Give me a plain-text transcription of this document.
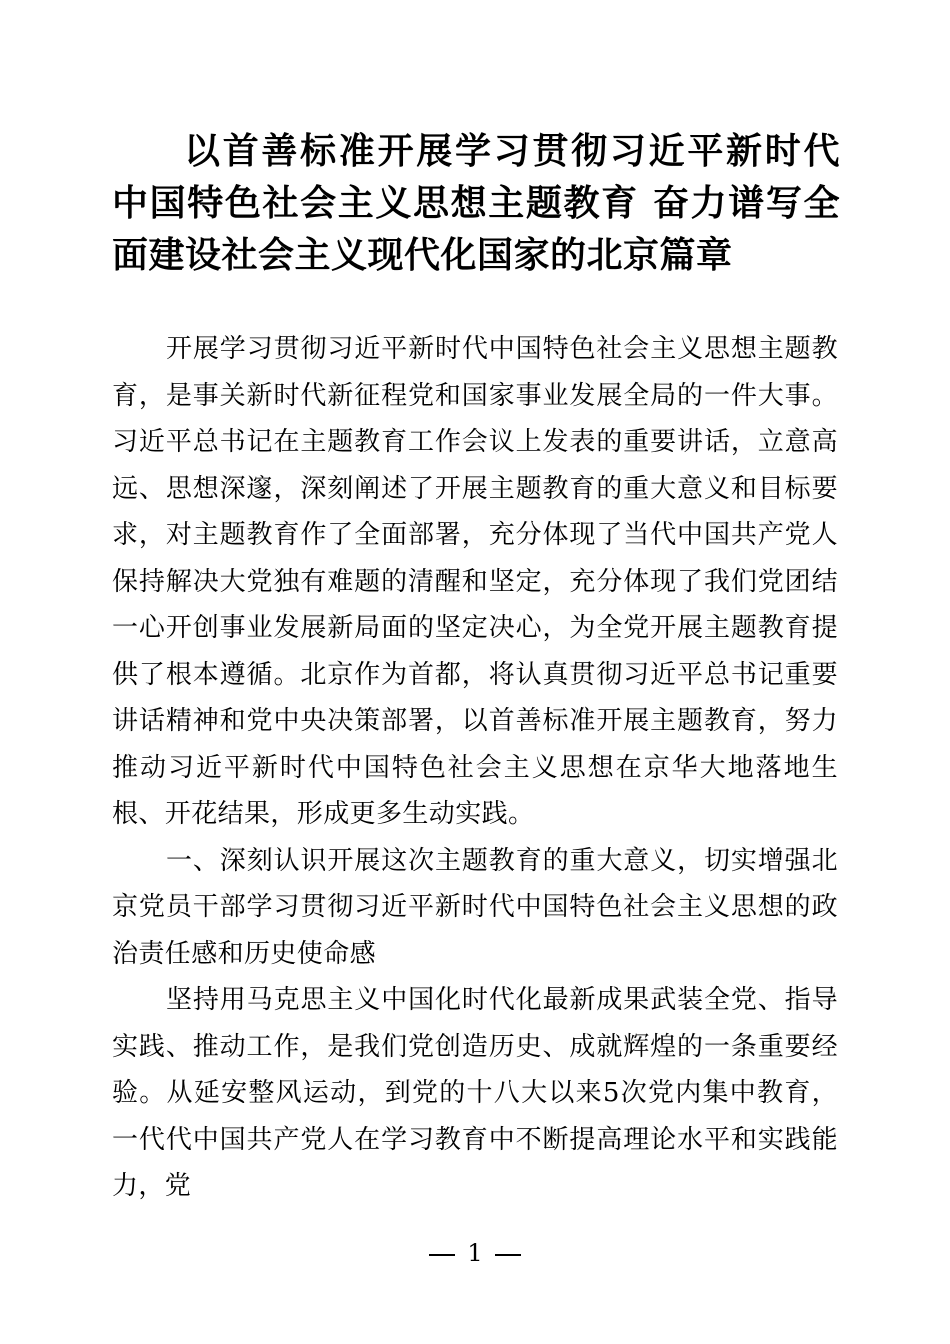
以首善标准开展学习贯彻习近平新时代中国特色社会主义思想主题教育 奋力谱写全面建设社会主义现代化国家的北京篇章

开展学习贯彻习近平新时代中国特色社会主义思想主题教育，是事关新时代新征程党和国家事业发展全局的一件大事。习近平总书记在主题教育工作会议上发表的重要讲话，立意高远、思想深邃，深刻阐述了开展主题教育的重大意义和目标要求，对主题教育作了全面部署，充分体现了当代中国共产党人保持解决大党独有难题的清醒和坚定，充分体现了我们党团结一心开创事业发展新局面的坚定决心，为全党开展主题教育提供了根本遵循。北京作为首都，将认真贯彻习近平总书记重要讲话精神和党中央决策部署，以首善标准开展主题教育，努力推动习近平新时代中国特色社会主义思想在京华大地落地生根、开花结果，形成更多生动实践。

一、深刻认识开展这次主题教育的重大意义，切实增强北京党员干部学习贯彻习近平新时代中国特色社会主义思想的政治责任感和历史使命感

坚持用马克思主义中国化时代化最新成果武装全党、指导实践、推动工作，是我们党创造历史、成就辉煌的一条重要经验。从延安整风运动，到党的十八大以来5次党内集中教育，一代代中国共产党人在学习教育中不断提高理论水平和实践能力，党

1
